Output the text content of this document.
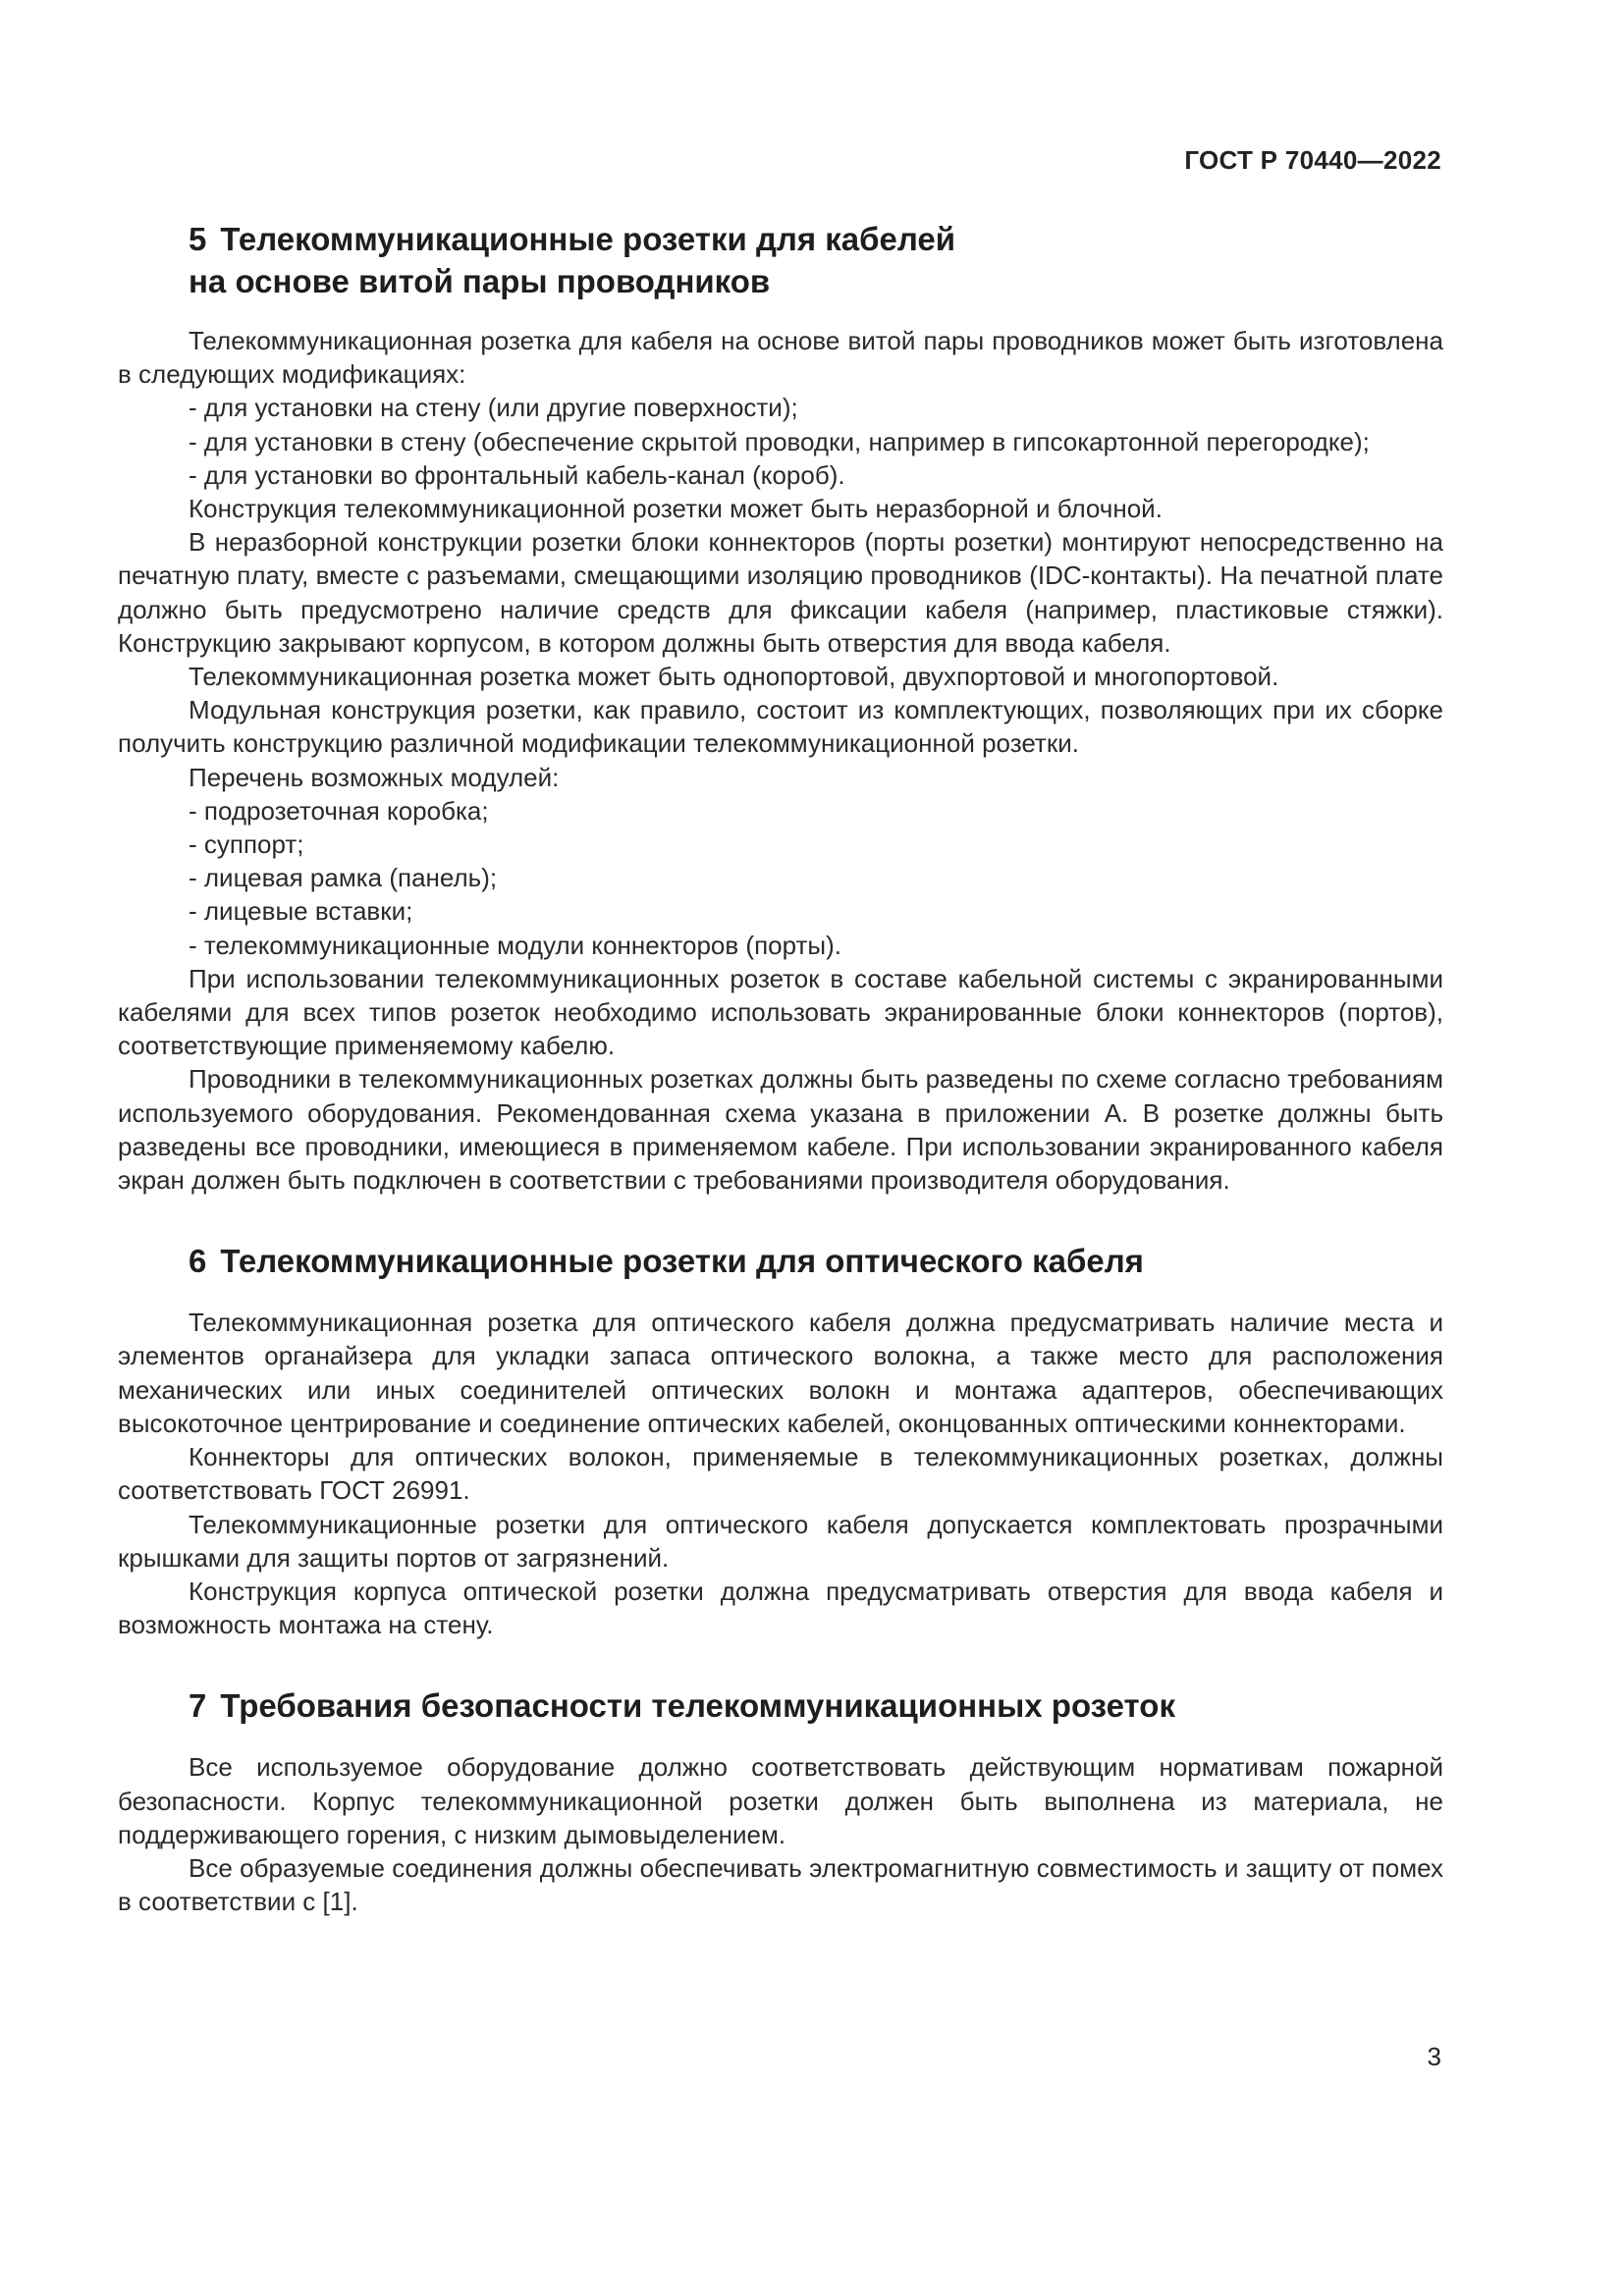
ГОСТ Р 70440—2022
5 Телекоммуникационные розетки для кабелей
на основе витой пары проводников

Телекоммуникационная розетка для кабеля на основе витой пары проводников может быть изготовлена в следующих модификациях:

- для установки на стену (или другие поверхности);

- для установки в стену (обеспечение скрытой проводки, например в гипсокартонной перегородке);

- для установки во фронтальный кабель-канал (короб).

Конструкция телекоммуникационной розетки может быть неразборной и блочной.

В неразборной конструкции розетки блоки коннекторов (порты розетки) монтируют непосредственно на печатную плату, вместе с разъемами, смещающими изоляцию проводников (IDC-контакты). На печатной плате должно быть предусмотрено наличие средств для фиксации кабеля (например, пластиковые стяжки). Конструкцию закрывают корпусом, в котором должны быть отверстия для ввода кабеля.

Телекоммуникационная розетка может быть однопортовой, двухпортовой и многопортовой.

Модульная конструкция розетки, как правило, состоит из комплектующих, позволяющих при их сборке получить конструкцию различной модификации телекоммуникационной розетки.

Перечень возможных модулей:

- подрозеточная коробка;

- суппорт;

- лицевая рамка (панель);

- лицевые вставки;

- телекоммуникационные модули коннекторов (порты).

При использовании телекоммуникационных розеток в составе кабельной системы с экранированными кабелями для всех типов розеток необходимо использовать экранированные блоки коннекторов (портов), соответствующие применяемому кабелю.

Проводники в телекоммуникационных розетках должны быть разведены по схеме согласно требованиям используемого оборудования. Рекомендованная схема указана в приложении А. В розетке должны быть разведены все проводники, имеющиеся в применяемом кабеле. При использовании экранированного кабеля экран должен быть подключен в соответствии с требованиями производителя оборудования.

6 Телекоммуникационные розетки для оптического кабеля

Телекоммуникационная розетка для оптического кабеля должна предусматривать наличие места и элементов органайзера для укладки запаса оптического волокна, а также место для расположения механических или иных соединителей оптических волокн и монтажа адаптеров, обеспечивающих высокоточное центрирование и соединение оптических кабелей, оконцованных оптическими коннекторами.

Коннекторы для оптических волокон, применяемые в телекоммуникационных розетках, должны соответствовать ГОСТ 26991.

Телекоммуникационные розетки для оптического кабеля допускается комплектовать прозрачными крышками для защиты портов от загрязнений.

Конструкция корпуса оптической розетки должна предусматривать отверстия для ввода кабеля и возможность монтажа на стену.

7 Требования безопасности телекоммуникационных розеток

Все используемое оборудование должно соответствовать действующим нормативам пожарной безопасности. Корпус телекоммуникационной розетки должен быть выполнена из материала, не поддерживающего горения, с низким дымовыделением.

Все образуемые соединения должны обеспечивать электромагнитную совместимость и защиту от помех в соответствии с [1].

3
